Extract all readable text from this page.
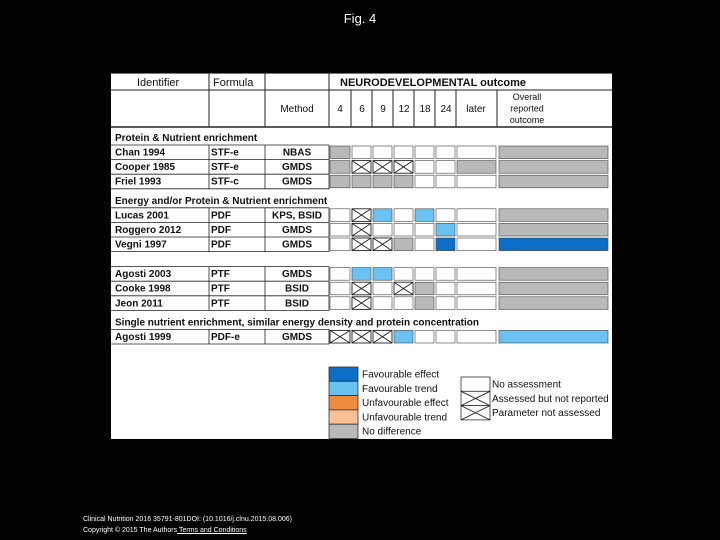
Fig. 4
Identifier	Formula	NEURODEVELOPMENTAL outcome
Method 4 6 9 12 18 24 later
Overall
reported
outcome
Protein & Nutrient enrichment
Chan 1994	STF-e	NBAS
Cooper 1985	STF-e	GMDS
Friel 1993	STF-c	GMDS
Energy and/or Protein & Nutrient enrichment
Lucas 2001	PDF	KPS, BSID
Roggero 2012	PDF	GMDS
Vegni 1997	PDF	GMDS
Agosti 2003	PTF	GMDS
Cooke 1998	PTF	BSID
Jeon 2011	PTF	BSID
Single nutrient enrichment, similar energy density and protein concentration
Agosti 1999	PDF-e	GMDS
Favourable effect
Favourable trend
Unfavourable effect
Unfavourable trend
No difference
No assessment
Assessed but not reported
Parameter not assessed
Clinical Nutrition 2016 35791-801DOI: (10.1016/j.clnu.2015.08.006)
Copyright © 2015 The Authors Terms and Conditions
